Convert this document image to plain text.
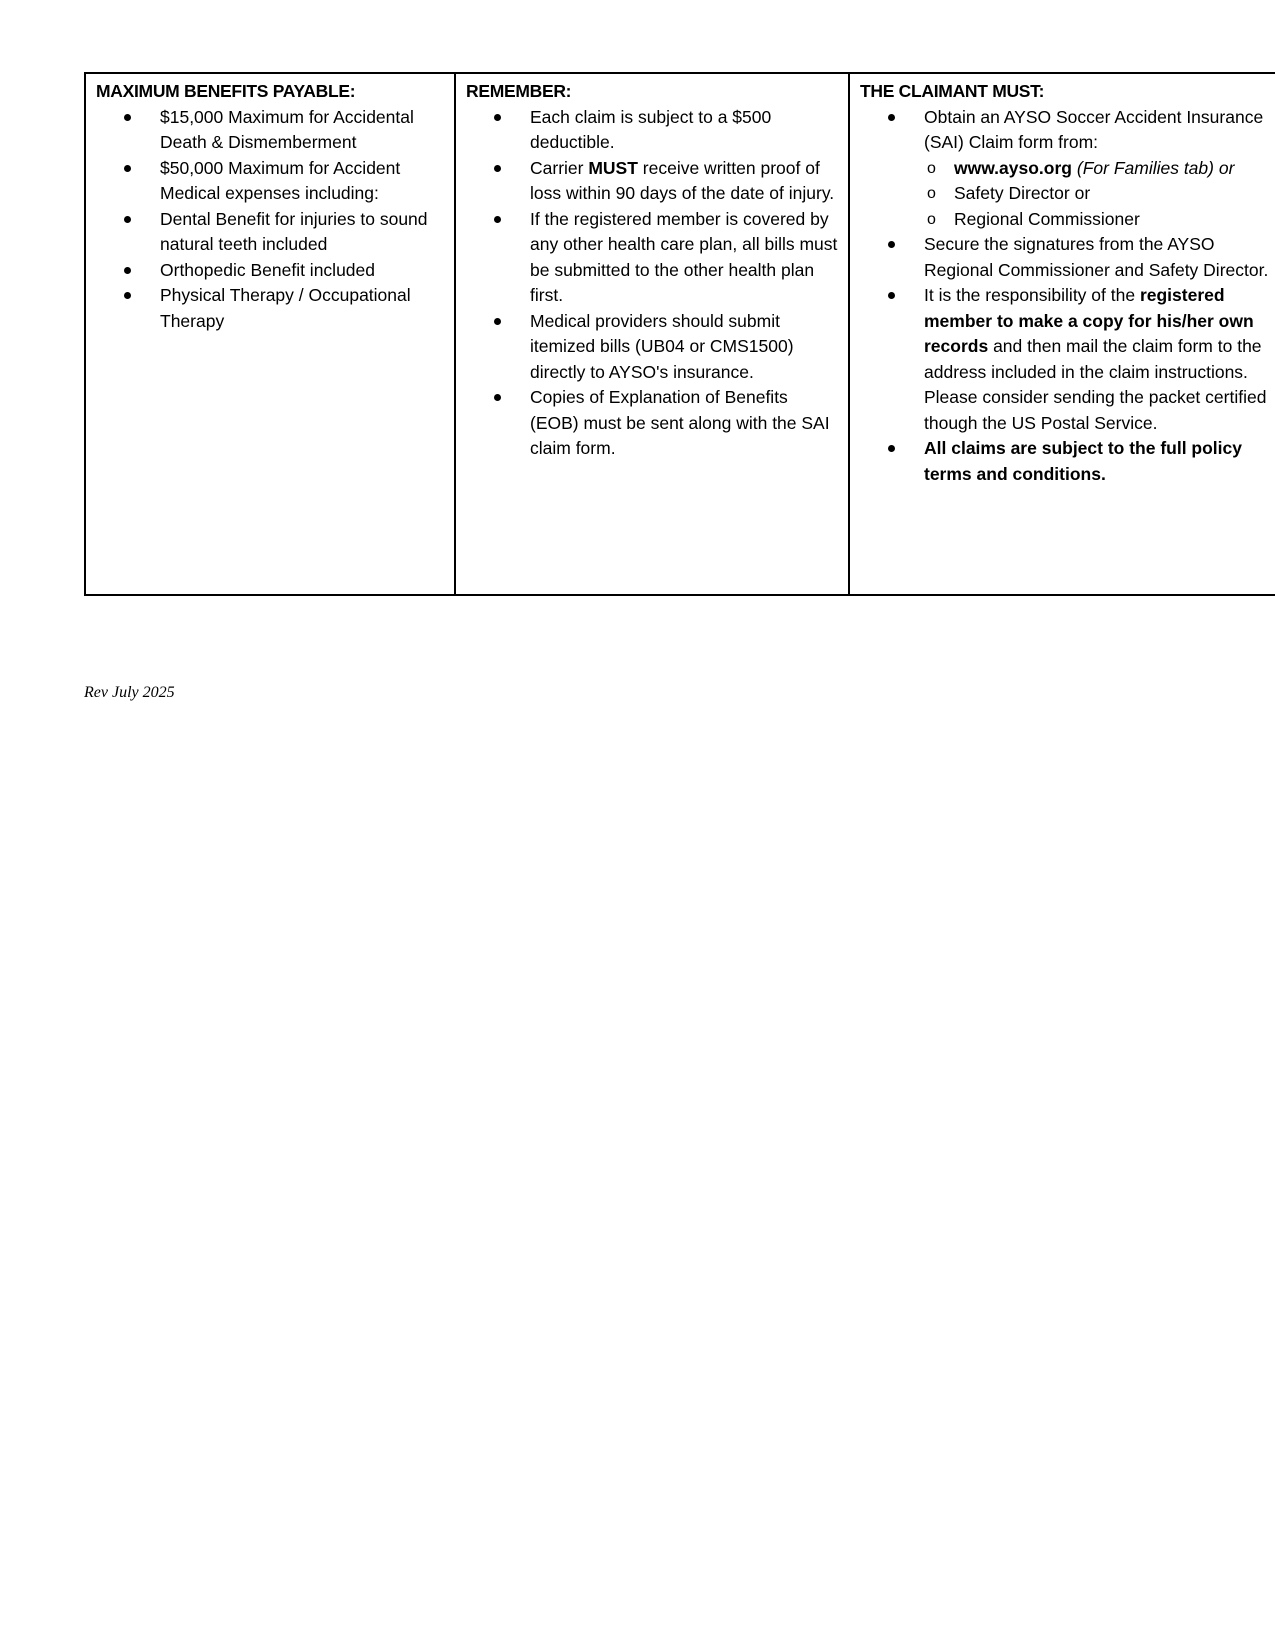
MAXIMUM BENEFITS PAYABLE:
$15,000 Maximum for Accidental Death & Dismemberment
$50,000 Maximum for Accident Medical expenses including:
Dental Benefit for injuries to sound natural teeth included
Orthopedic Benefit included
Physical Therapy / Occupational Therapy

REMEMBER:
Each claim is subject to a $500 deductible.
Carrier MUST receive written proof of loss within 90 days of the date of injury.
If the registered member is covered by any other health care plan, all bills must be submitted to the other health plan first.
Medical providers should submit itemized bills (UB04 or CMS1500) directly to AYSO's insurance.
Copies of Explanation of Benefits (EOB) must be sent along with the SAI claim form.

THE CLAIMANT MUST:
Obtain an AYSO Soccer Accident Insurance (SAI) Claim form from:
o www.ayso.org (For Families tab) or
o Safety Director or
o Regional Commissioner
Secure the signatures from the AYSO Regional Commissioner and Safety Director.
It is the responsibility of the registered member to make a copy for his/her own records and then mail the claim form to the address included in the claim instructions. Please consider sending the packet certified though the US Postal Service.
All claims are subject to the full policy terms and conditions.
Rev July 2025
